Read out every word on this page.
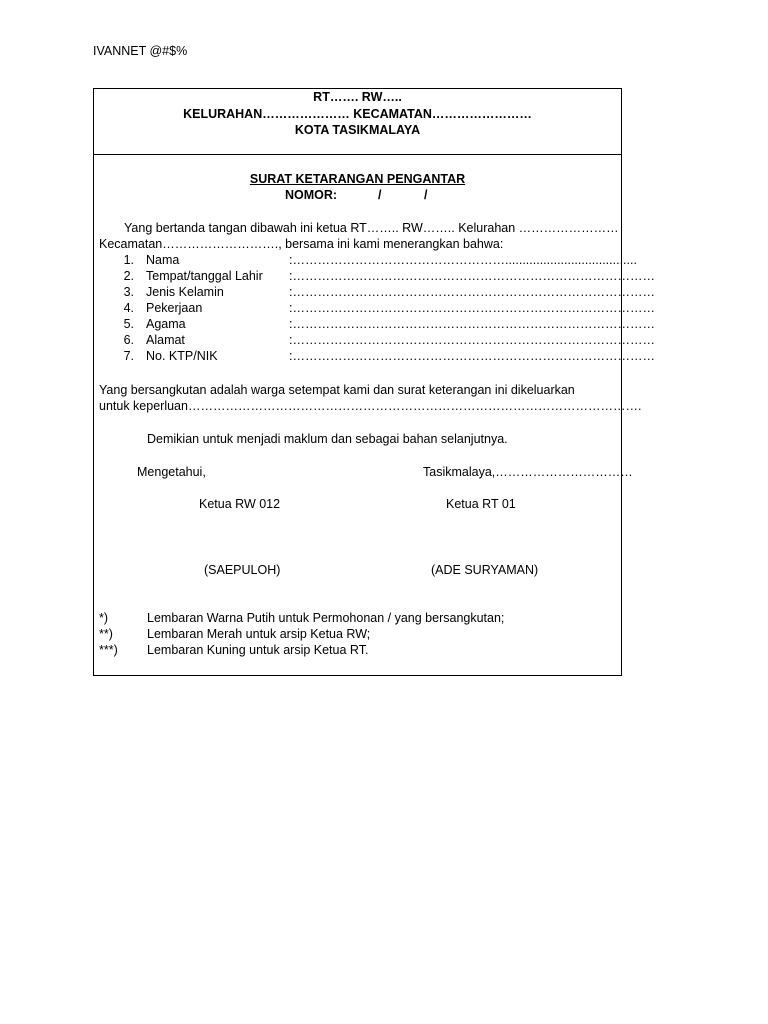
IVANNET @#$%
RT……. RW…..
KELURAHAN………………… KECAMATAN……………………
KOTA TASIKMALAYA
SURAT KETARANGAN PENGANTAR
NOMOR:	/	/
Yang bertanda tangan dibawah ini ketua RT…….. RW…….. Kelurahan ……………………
Kecamatan………………………., bersama ini kami menerangkan bahwa:
1. Nama	:……………………………………………......................................
2. Tempat/tanggal Lahir :……………………………………………………………………………
3. Jenis Kelamin	:……………………………………………………………………………
4. Pekerjaan	:……………………………………………………………………………
5. Agama	:……………………………………………………………………………
6. Alamat	:……………………………………………………………………………
7. No. KTP/NIK	:……………………………………………………………………………
Yang bersangkutan adalah warga setempat kami dan surat keterangan ini dikeluarkan
untuk keperluan……………………………………………………………………………………………….
Demikian untuk menjadi maklum dan sebagai bahan selanjutnya.
Mengetahui,	Tasikmalaya,……………………………
Ketua RW 012	Ketua RT 01
(SAEPULOH)	(ADE SURYAMAN)
*)	Lembaran Warna Putih untuk Permohonan / yang bersangkutan;
**)	Lembaran Merah untuk arsip Ketua RW;
***) Lembaran Kuning untuk arsip Ketua RT.
